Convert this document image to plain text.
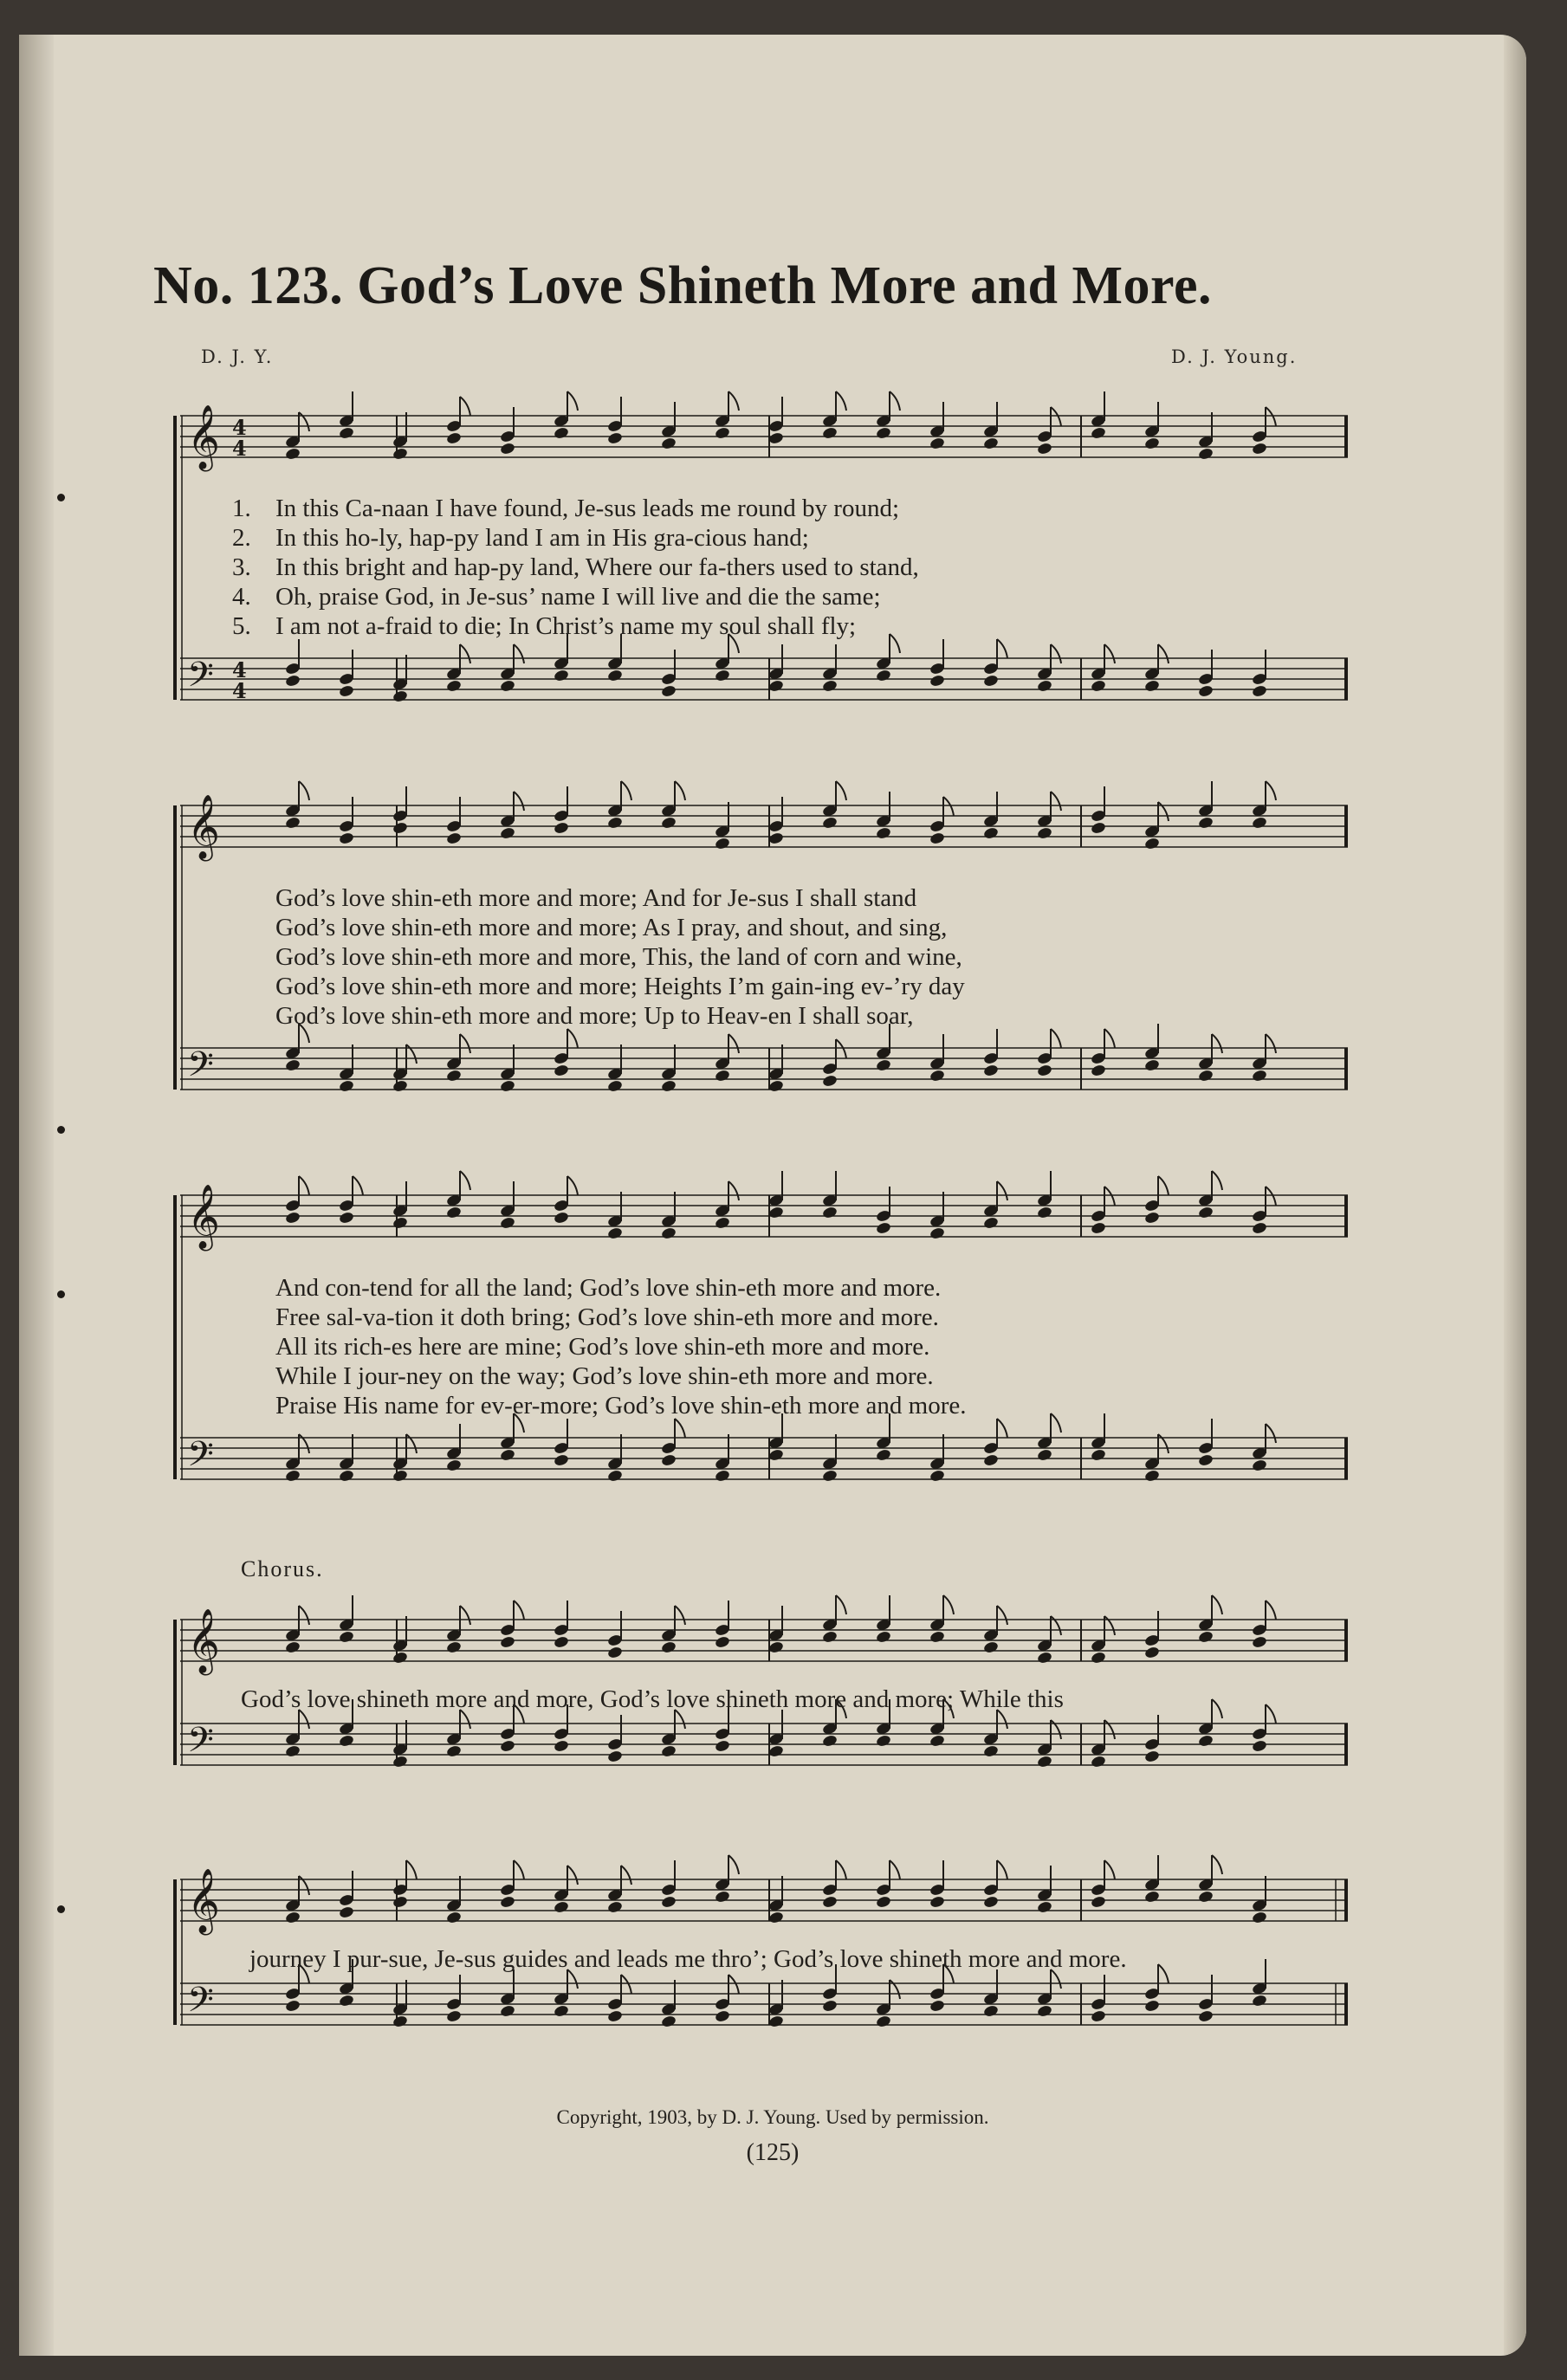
No. 123. God’s Love Shineth More and More.
D. J. Y.	D. J. Young.
𝄞
𝄢
4
4
4
4
1. In this Ca-naan I have found, Je-sus leads me round by round;
2. In this ho-ly, hap-py land I am in His gra-cious hand;
3. In this bright and hap-py land, Where our fa-thers used to stand,
4. Oh, praise God, in Je-sus’ name I will live and die the same;
5. I am not a-fraid to die; In Christ’s name my soul shall fly;
𝄞
𝄢
God’s love shin-eth more and more; And for Je-sus I shall stand
God’s love shin-eth more and more; As I pray, and shout, and sing,
God’s love shin-eth more and more, This, the land of corn and wine,
God’s love shin-eth more and more; Heights I’m gain-ing ev-’ry day
God’s love shin-eth more and more; Up to Heav-en I shall soar,
𝄞
𝄢
And con-tend for all the land; God’s love shin-eth more and more.
Free sal-va-tion it doth bring; God’s love shin-eth more and more.
All its rich-es here are mine; God’s love shin-eth more and more.
While I jour-ney on the way; God’s love shin-eth more and more.
Praise His name for ev-er-more; God’s love shin-eth more and more.
Chorus.
𝄞
𝄢
God’s love shineth more and more, God’s love shineth more and more; While this
𝄞
𝄢
journey I pur-sue, Je-sus guides and leads me thro’; God’s love shineth more and more.
Copyright, 1903, by D. J. Young. Used by permission.
(125)
